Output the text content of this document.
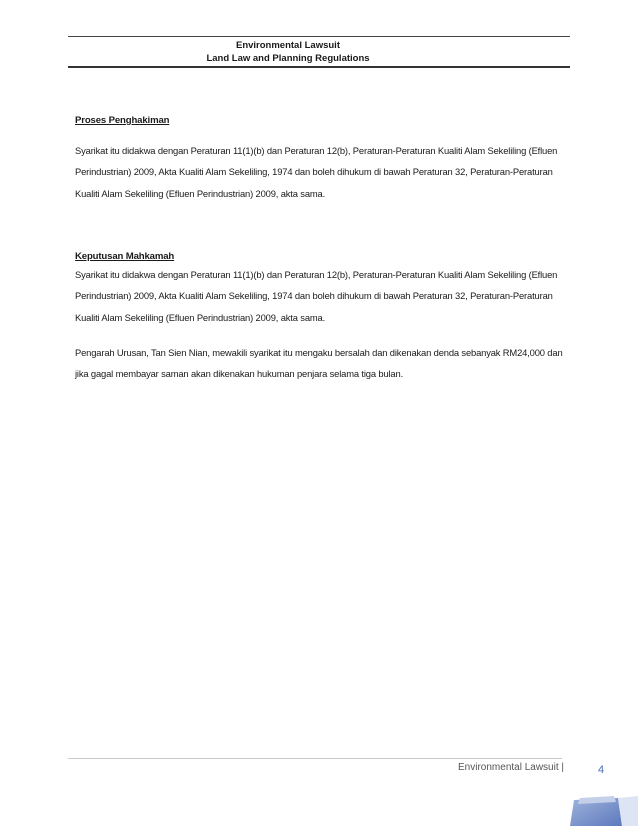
Environmental Lawsuit
Land Law and Planning Regulations
Proses Penghakiman
Syarikat itu didakwa dengan Peraturan 11(1)(b) dan Peraturan 12(b), Peraturan-Peraturan Kualiti Alam Sekeliling (Efluen Perindustrian) 2009, Akta Kualiti Alam Sekeliling, 1974 dan boleh dihukum di bawah Peraturan 32, Peraturan-Peraturan Kualiti Alam Sekeliling (Efluen Perindustrian) 2009, akta sama.
Keputusan Mahkamah
Syarikat itu didakwa dengan Peraturan 11(1)(b) dan Peraturan 12(b), Peraturan-Peraturan Kualiti Alam Sekeliling (Efluen Perindustrian) 2009, Akta Kualiti Alam Sekeliling, 1974 dan boleh dihukum di bawah Peraturan 32, Peraturan-Peraturan Kualiti Alam Sekeliling (Efluen Perindustrian) 2009, akta sama.
Pengarah Urusan, Tan Sien Nian, mewakili syarikat itu mengaku bersalah dan dikenakan denda sebanyak RM24,000 dan jika gagal membayar saman akan dikenakan hukuman penjara selama tiga bulan.
Environmental Lawsuit |	4
